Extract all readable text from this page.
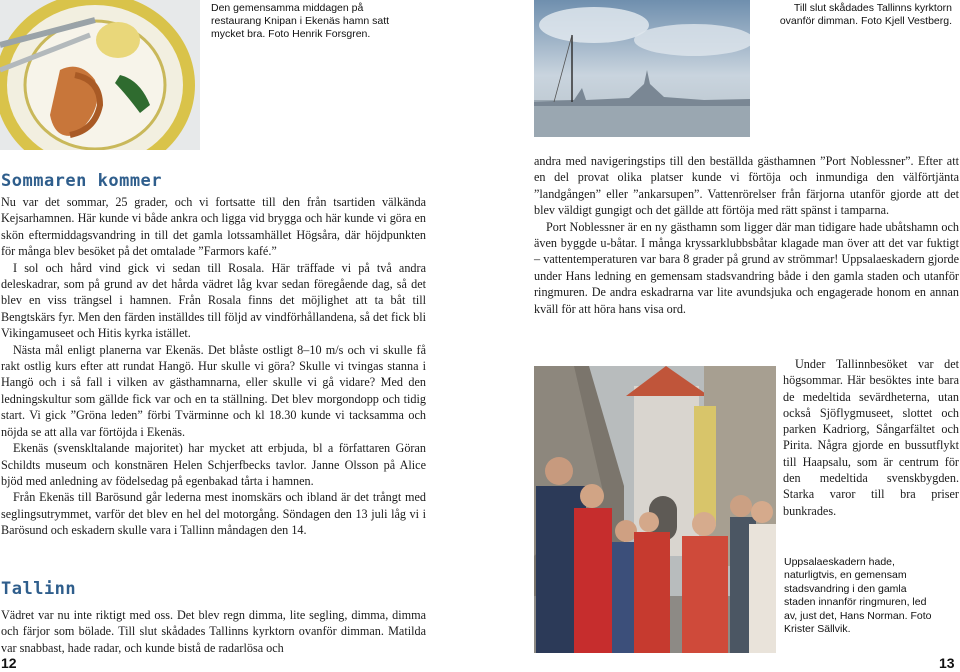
Den gemensamma middagen på restaurang Knipan i Ekenäs hamn satt mycket bra. Foto Henrik Forsgren.
Sommaren kommer

Nu var det sommar, 25 grader, och vi fortsatte till den från tsartiden välkända Kejsarhamnen. Här kunde vi både ankra och ligga vid brygga och här kunde vi göra en skön eftermiddagsvandring in till det gamla lotssamhället Högsåra, där höjdpunkten för många blev besöket på det omtalade ”Farmors kafé.”

I sol och hård vind gick vi sedan till Rosala. Här träffade vi på två andra deleskadrar, som på grund av det hårda vädret låg kvar sedan föregående dag, så det blev en viss trängsel i hamnen. Från Rosala finns det möjlighet att ta båt till Bengtskärs fyr. Men den färden inställdes till följd av vindförhållandena, så det fick bli Vikingamuseet och Hitis kyrka istället.

Nästa mål enligt planerna var Ekenäs. Det blåste ostligt 8–10 m/s och vi skulle få rakt ostlig kurs efter att rundat Hangö. Hur skulle vi göra? Skulle vi tvingas stanna i Hangö och i så fall i vilken av gästhamnarna, eller skulle vi gå vidare? Med den ledningskultur som gällde fick var och en ta ställning. Det blev morgondopp och tidig start. Vi gick ”Gröna leden” förbi Tvärminne och kl 18.30 kunde vi tacksamma och nöjda se att alla var förtöjda i Ekenäs.

Ekenäs (svenskltalande majoritet) har mycket att erbjuda, bl a författaren Göran Schildts museum och konstnären Helen Schjerfbecks tavlor. Janne Olsson på Alice bjöd med anledning av födelsedag på egenbakad tårta i hamnen.

Från Ekenäs till Barösund går lederna mest inomskärs och ibland är det trångt med seglingsutrymmet, varför det blev en hel del motorgång. Söndagen den 13 juli låg vi i Barösund och eskadern skulle vara i Tallinn måndagen den 14.

Tallinn

Vädret var nu inte riktigt med oss. Det blev regn dimma, lite segling, dimma, dimma och färjor som bölade. Till slut skådades Tallinns kyrktorn ovanför dimman. Matilda var snabbast, hade radar, och kunde bistå de radarlösa och

12
Till slut skådades Tallinns kyrktorn ovanför dimman. Foto Kjell Vestberg.

andra med navigeringstips till den beställda gästhamnen ”Port Noblessner”. Efter att en del provat olika platser kunde vi förtöja och inmundiga den välförtjänta ”landgången” eller ”ankarsupen”. Vattenrörelser från färjorna utanför gjorde att det blev väldigt gungigt och det gällde att förtöja med rätt spänst i tamparna.

Port Noblessner är en ny gästhamn som ligger där man tidigare hade ubåtshamn och även byggde u-båtar. I många kryssarklubbsbåtar klagade man över att det var fuktigt – vattentemperaturen var bara 8 grader på grund av strömmar! Uppsalaeskadern gjorde under Hans ledning en gemensam stadsvandring både i den gamla staden och utanför ringmuren. De andra eskadrarna var lite avundsjuka och engagerade honom en annan kväll för att höra hans visa ord.

Under Tallinnbesöket var det högsommar. Här besöktes inte bara de medeltida sevärdheterna, utan också Sjöflygmuseet, slottet och parken Kadriorg, Sångarfältet och Pirita. Några gjorde en bussutflykt till Haapsalu, som är centrum för den medeltida svenskbygden. Starka varor till bra priser bunkrades.

Uppsalaeskadern hade, naturligtvis, en gemensam stadsvandring i den gamla staden innanför ringmuren, led av, just det, Hans Norman. Foto Krister Sällvik.
13
